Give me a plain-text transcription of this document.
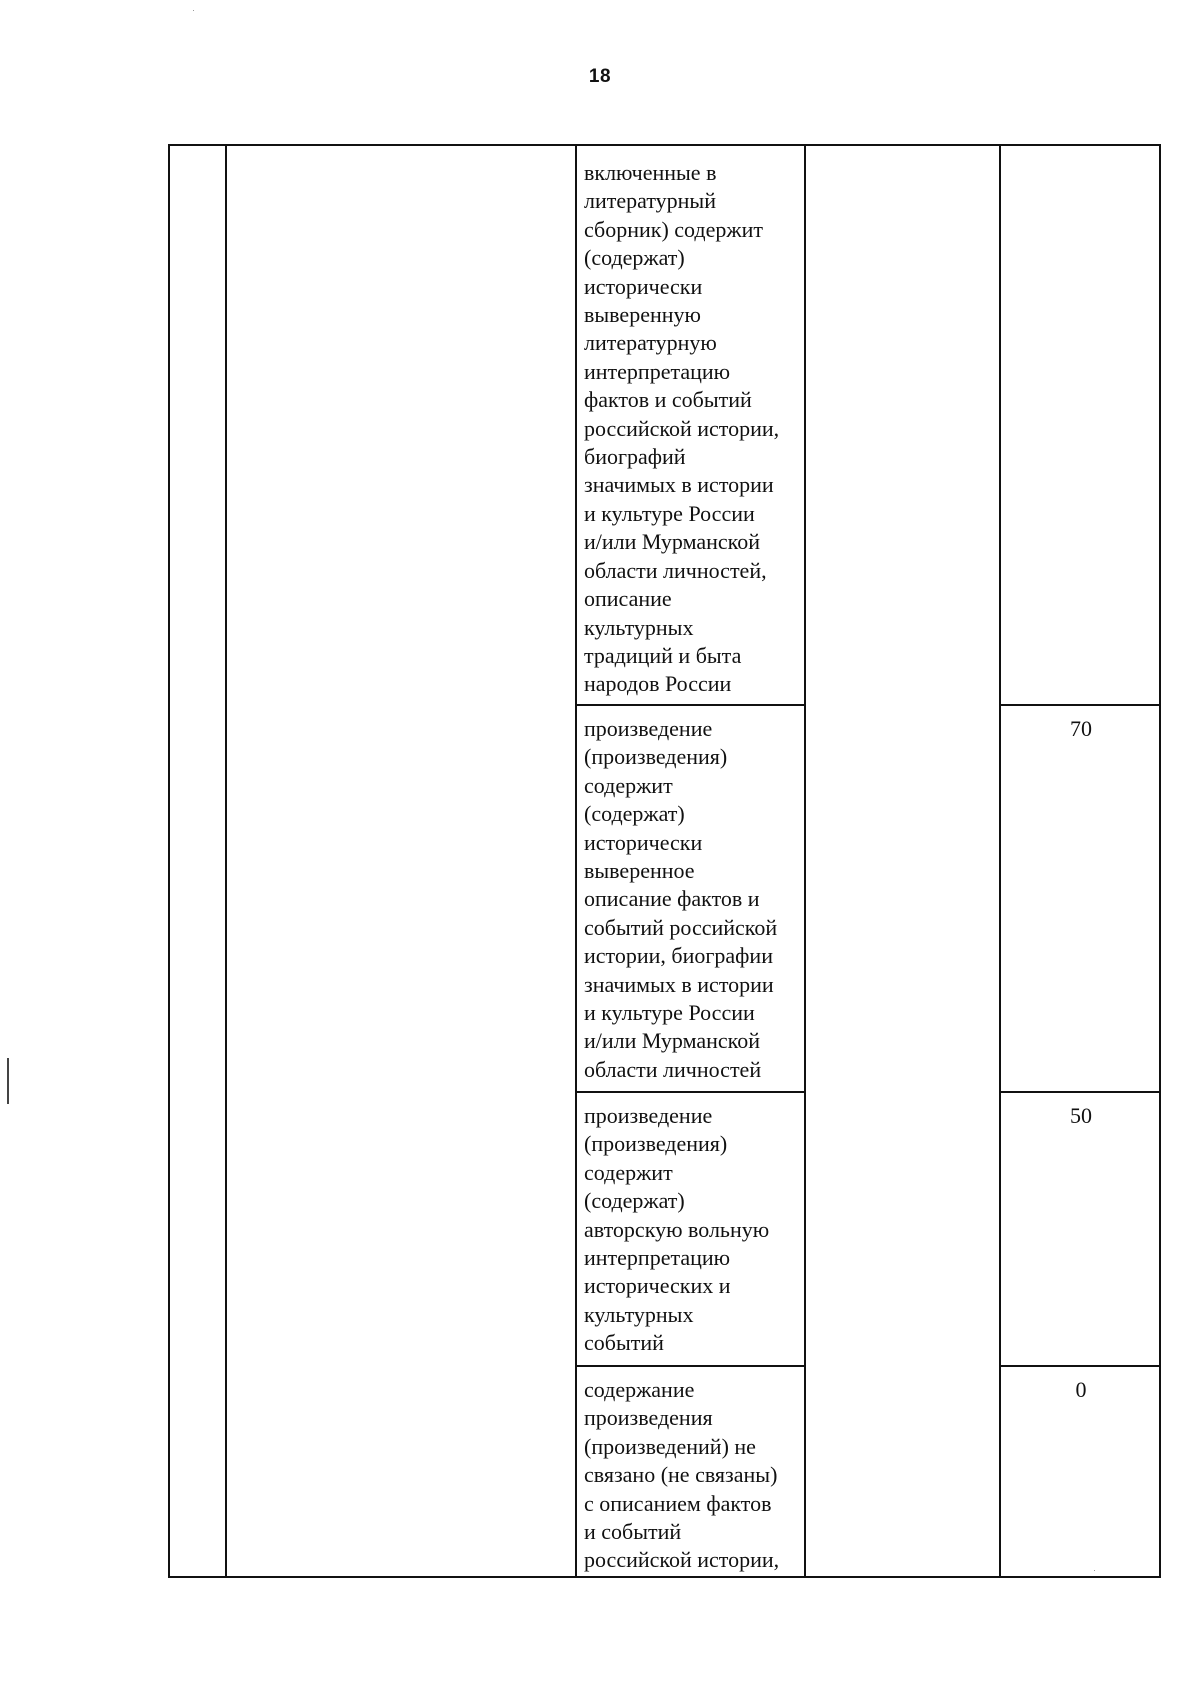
18
включенные в
литературный
сборник) содержит
(содержат)
исторически
выверенную
литературную
интерпретацию
фактов и событий
российской истории,
биографий
значимых в истории
и культуре России
и/или Мурманской
области личностей,
описание
культурных
традиций и быта
народов России
произведение
(произведения)
содержит
(содержат)
исторически
выверенное
описание фактов и
событий российской
истории, биографии
значимых в истории
и культуре России
и/или Мурманской
области личностей
70
произведение
(произведения)
содержит
(содержат)
авторскую вольную
интерпретацию
исторических и
культурных
событий
50
содержание
произведения
(произведений) не
связано (не связаны)
с описанием фактов
и событий
российской истории,
0
